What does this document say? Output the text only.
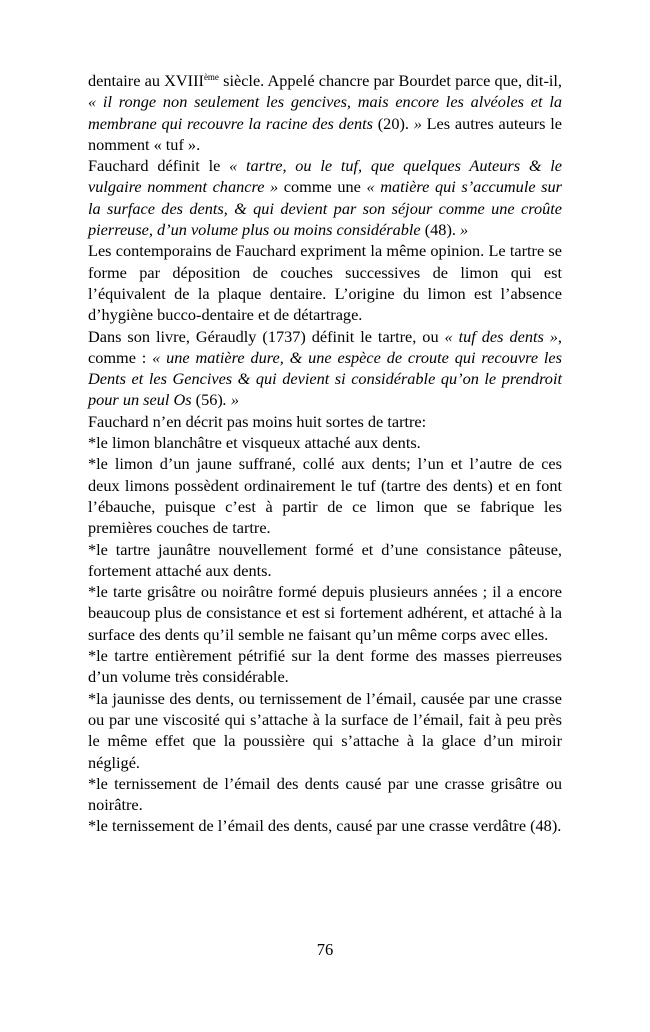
dentaire au XVIIIème siècle. Appelé chancre par Bourdet parce que, dit-il, « il ronge non seulement les gencives, mais encore les alvéoles et la membrane qui recouvre la racine des dents (20). » Les autres auteurs le nomment « tuf ».

Fauchard définit le « tartre, ou le tuf, que quelques Auteurs & le vulgaire nomment chancre » comme une « matière qui s’accumule sur la surface des dents, & qui devient par son séjour comme une croûte pierreuse, d’un volume plus ou moins considérable (48). »

Les contemporains de Fauchard expriment la même opinion. Le tartre se forme par déposition de couches successives de limon qui est l’équivalent de la plaque dentaire. L’origine du limon est l’absence d’hygiène bucco-dentaire et de détartrage.

Dans son livre, Géraudly (1737) définit le tartre, ou « tuf des dents », comme : « une matière dure, & une espèce de croute qui recouvre les Dents et les Gencives & qui devient si considérable qu’on le prendroit pour un seul Os (56). »

Fauchard n’en décrit pas moins huit sortes de tartre:

*le limon blanchâtre et visqueux attaché aux dents.

*le limon d’un jaune suffrané, collé aux dents; l’un et l’autre de ces deux limons possèdent ordinairement le tuf (tartre des dents) et en font l’ébauche, puisque c’est à partir de ce limon que se fabrique les premières couches de tartre.

*le tartre jaunâtre nouvellement formé et d’une consistance pâteuse, fortement attaché aux dents.

*le tarte grisâtre ou noirâtre formé depuis plusieurs années ; il a encore beaucoup plus de consistance et est si fortement adhérent, et attaché à la surface des dents qu’il semble ne faisant qu’un même corps avec elles.

*le tartre entièrement pétrifié sur la dent forme des masses pierreuses d’un volume très considérable.

*la jaunisse des dents, ou ternissement de l’émail, causée par une crasse ou par une viscosité qui s’attache à la surface de l’émail, fait à peu près le même effet que la poussière qui s’attache à la glace d’un miroir négligé.

*le ternissement de l’émail des dents causé par une crasse grisâtre ou noirâtre.

*le ternissement de l’émail des dents, causé par une crasse verdâtre (48).

76
